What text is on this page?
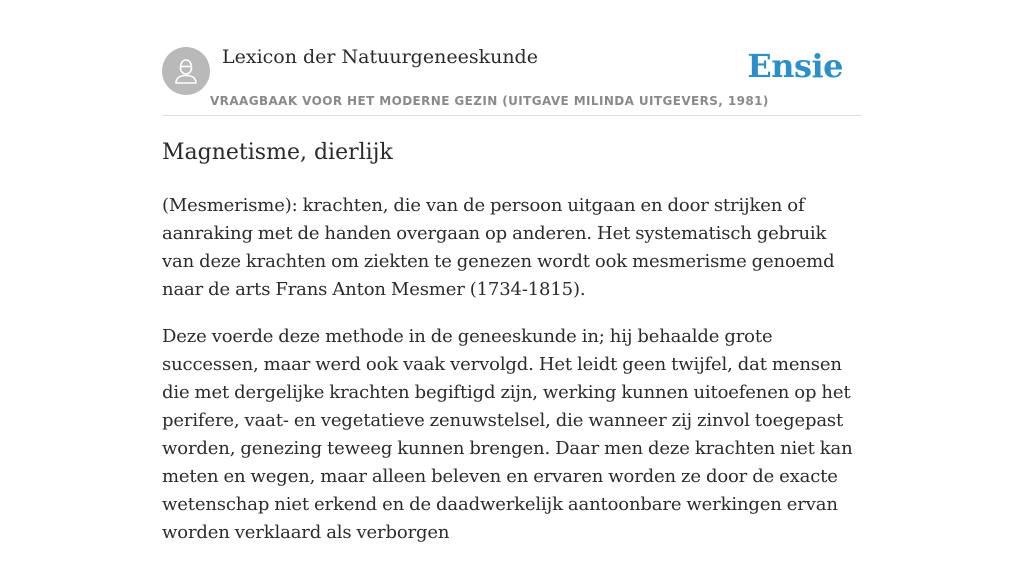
Lexicon der Natuurgeneeskunde
VRAAGBAAK VOOR HET MODERNE GEZIN (UITGAVE MILINDA UITGEVERS, 1981)
Ensie
Magnetisme, dierlijk

(Mesmerisme): krachten, die van de persoon uitgaan en door strijken of aanraking met de handen overgaan op anderen. Het systematisch gebruik van deze krachten om ziekten te genezen wordt ook mesmerisme genoemd naar de arts Frans Anton Mesmer (1734-1815).

Deze voerde deze methode in de geneeskunde in; hij behaalde grote successen, maar werd ook vaak vervolgd. Het leidt geen twijfel, dat mensen die met dergelijke krachten begiftigd zijn, werking kunnen uitoefenen op het perifere, vaat- en vegetatieve zenuwstelsel, die wanneer zij zinvol toegepast worden, genezing teweeg kunnen brengen. Daar men deze krachten niet kan meten en wegen, maar alleen beleven en ervaren worden ze door de exacte wetenschap niet erkend en de daadwerkelijk aantoonbare werkingen ervan worden verklaard als verborgen
